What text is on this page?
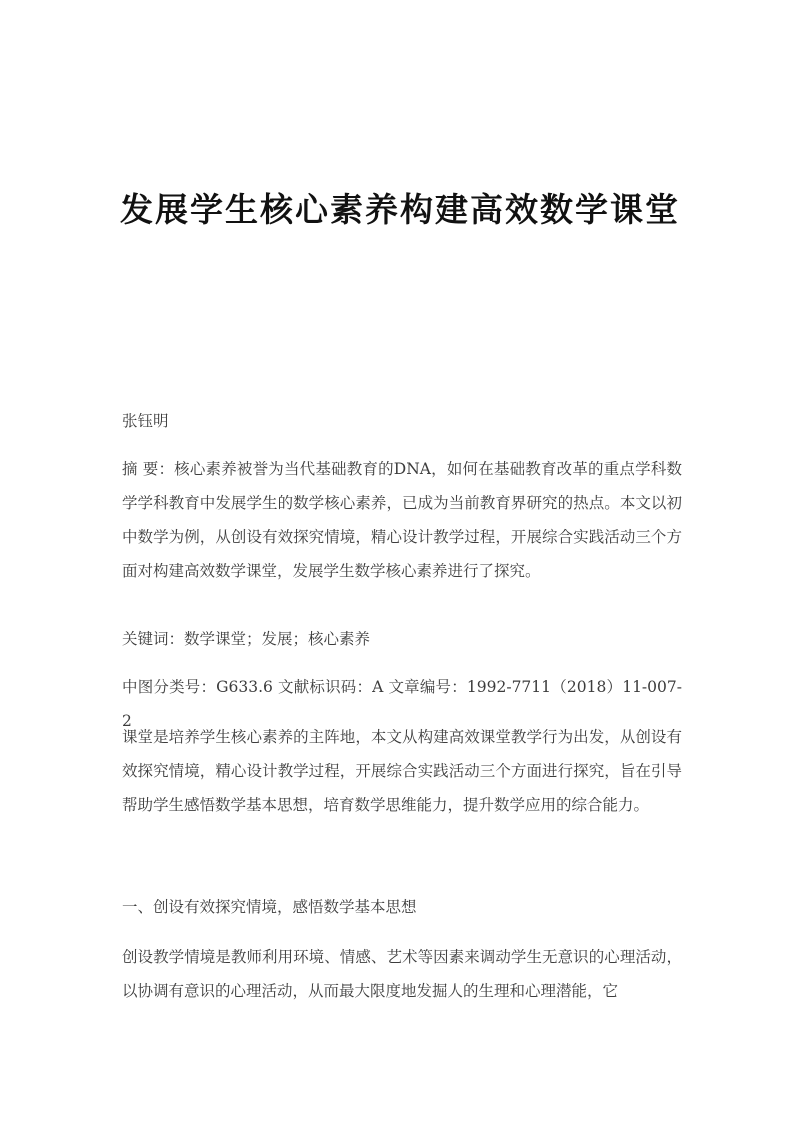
发展学生核心素养构建高效数学课堂

张钰明

摘 要：核心素养被誉为当代基础教育的DNA，如何在基础教育改革的重点学科数学学科教育中发展学生的数学核心素养，已成为当前教育界研究的热点。本文以初中数学为例，从创设有效探究情境，精心设计教学过程，开展综合实践活动三个方面对构建高效数学课堂，发展学生数学核心素养进行了探究。

关键词：数学课堂；发展；核心素养

中图分类号：G633.6 文献标识码：A 文章编号：1992-7711（2018）11-007-2

课堂是培养学生核心素养的主阵地，本文从构建高效课堂教学行为出发，从创设有效探究情境，精心设计教学过程，开展综合实践活动三个方面进行探究，旨在引导帮助学生感悟数学基本思想，培育数学思维能力，提升数学应用的综合能力。

一、创设有效探究情境，感悟数学基本思想

创设教学情境是教师利用环境、情感、艺术等因素来调动学生无意识的心理活动，以协调有意识的心理活动，从而最大限度地发掘人的生理和心理潜能，它
